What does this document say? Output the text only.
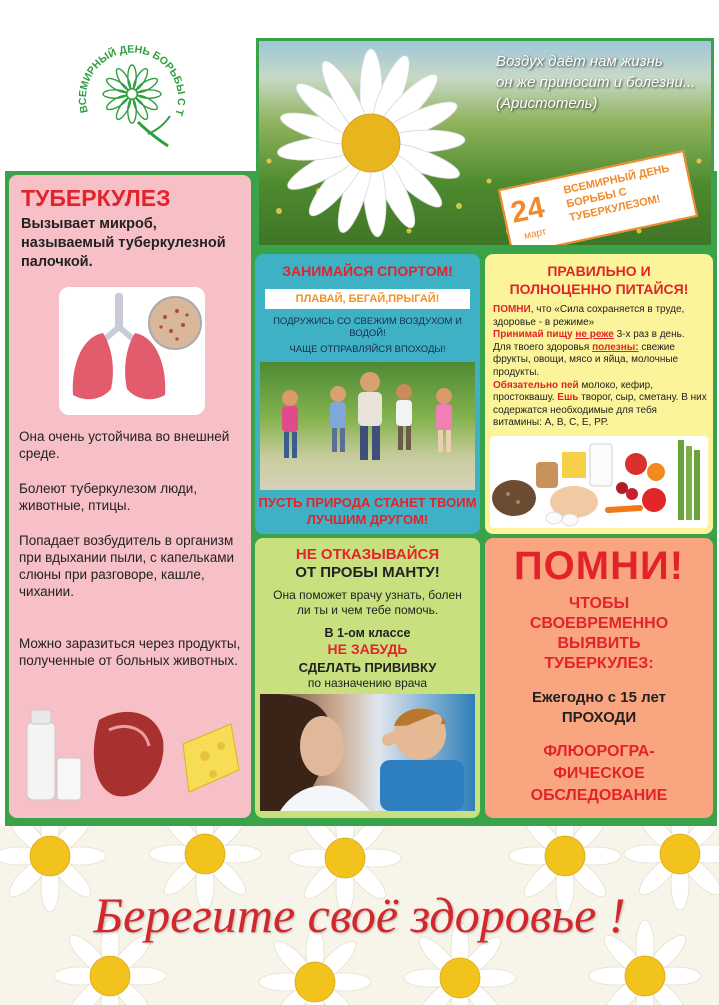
ВСЕМИРНЫЙ ДЕНЬ БОРЬБЫ С Т
Воздух даёт нам жизнь
он же приносит и болезни...
(Аристотель)
24
март
ВСЕМИРНЫЙ ДЕНЬ БОРЬБЫ С ТУБЕРКУЛЕЗОМ!
ТУБЕРКУЛЕЗ
Вызывает микроб, называемый туберкулезной палочкой.
Она очень устойчива во внешней среде.
Болеют туберкулезом люди, животные, птицы.
Попадает возбудитель в организм при вдыхании пыли, с капельками слюны при разговоре, кашле, чихании.
Можно заразиться через продукты, полученные от больных животных.
ЗАНИМАЙСЯ СПОРТОМ!
ПЛАВАЙ, БЕГАЙ,ПРЫГАЙ!
ПОДРУЖИСЬ СО СВЕЖИМ ВОЗДУХОМ И ВОДОЙ!
ЧАЩЕ ОТПРАВЛЯЙСЯ ВПОХОДЫ!
ПУСТЬ ПРИРОДА СТАНЕТ ТВОИМ ЛУЧШИМ ДРУГОМ!
ПРАВИЛЬНО И
ПОЛНОЦЕННО ПИТАЙСЯ!
ПОМНИ, что «Сила сохраняется в труде, здоровье - в режиме»
Принимай пищу не реже 3-х раз в день.
Для твоего здоровья полезны: свежие фрукты, овощи, мясо и яйца, молочные продукты.
Обязательно пей молоко, кефир, простоквашу. Ешь творог, сыр, сметану. В них содержатся необходимые для тебя витамины: А, В, С, Е, РР.
НЕ ОТКАЗЫВАЙСЯ
ОТ ПРОБЫ МАНТУ!
Она поможет врачу узнать, болен ли ты и чем тебе помочь.
В 1-ом классе
НЕ ЗАБУДЬ
СДЕЛАТЬ ПРИВИВКУ
по назначению врача
ПОМНИ!
ЧТОБЫ
СВОЕВРЕМЕННО
ВЫЯВИТЬ
ТУБЕРКУЛЕЗ:
Ежегодно с 15 лет
ПРОХОДИ
ФЛЮОРОГРА-
ФИЧЕСКОЕ
ОБСЛЕДОВАНИЕ
Берегите своё здоровье !
